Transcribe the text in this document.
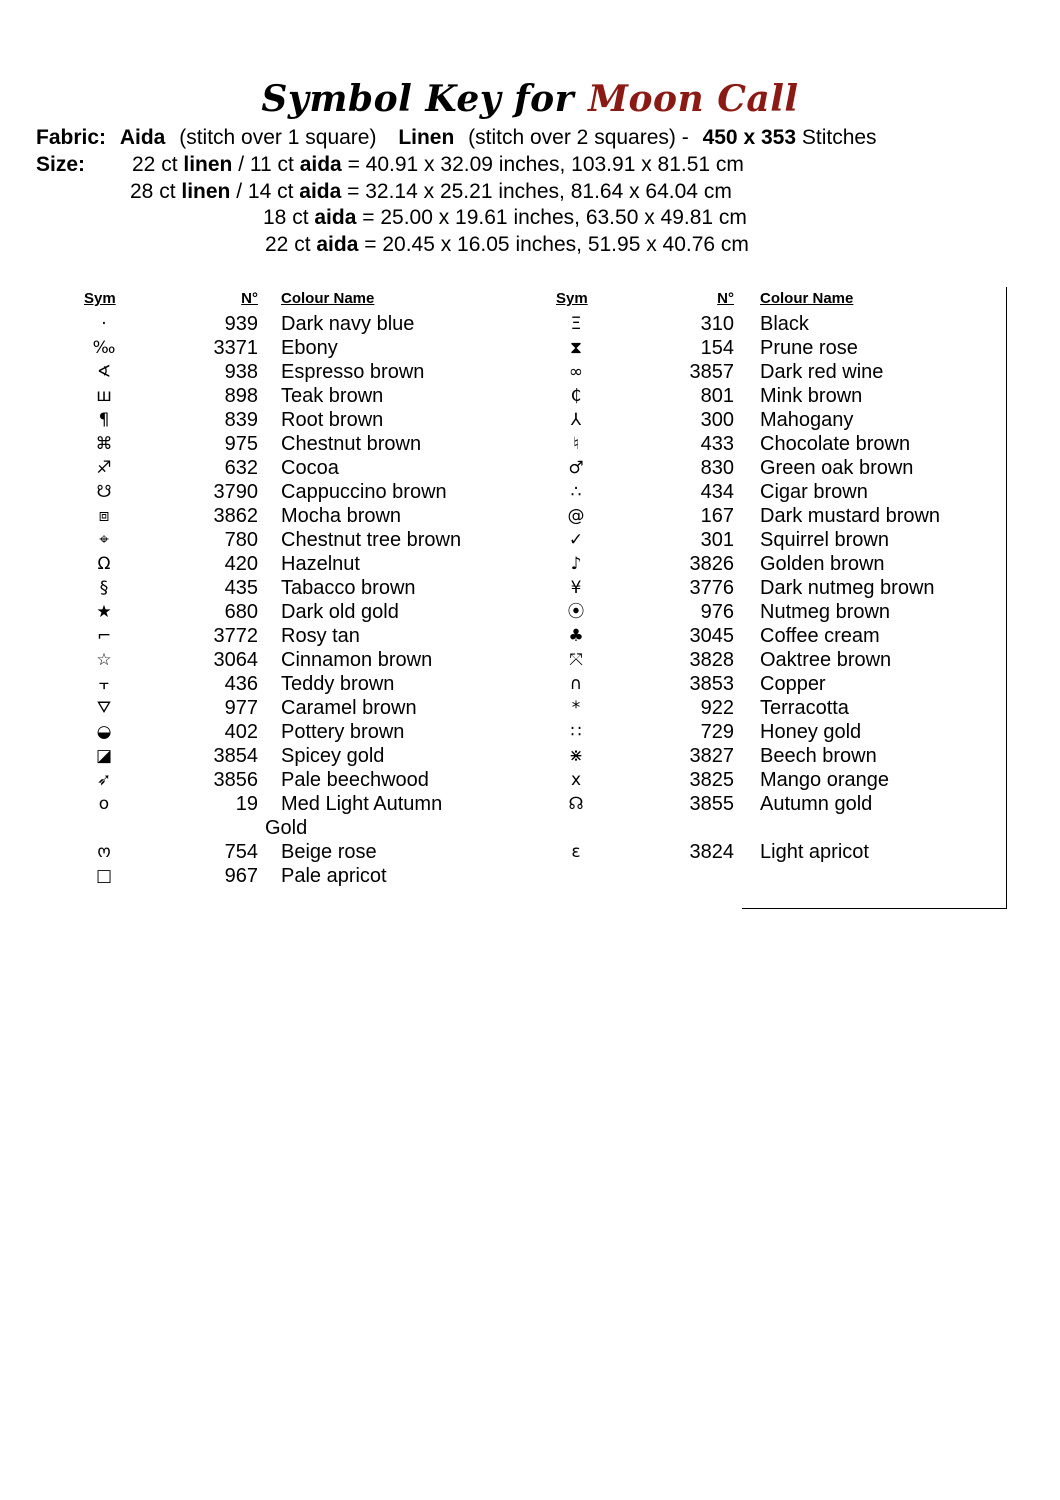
Symbol Key for Moon Call
Fabric: Aida (stitch over 1 square) Linen (stitch over 2 squares) - 450 x 353 Stitches
Size: 22 ct linen / 11 ct aida = 40.91 x 32.09 inches, 103.91 x 81.51 cm
28 ct linen / 14 ct aida = 32.14 x 25.21 inches, 81.64 x 64.04 cm
18 ct aida = 25.00 x 19.61 inches, 63.50 x 49.81 cm
22 ct aida = 20.45 x 16.05 inches, 51.95 x 40.76 cm
Sym	N° Colour Name
·	939 Dark navy blue
‰	3371 Ebony
∢	938 Espresso brown
ш	898 Teak brown
¶	839 Root brown
⌘	975 Chestnut brown
♐	632 Cocoa
☋	3790 Cappuccino brown
⧈	3862 Mocha brown
⌖	780 Chestnut tree brown
Ω	420 Hazelnut
§	435 Tabacco brown
★	680 Dark old gold
⌐	3772 Rosy tan
☆	3064 Cinnamon brown
⫟	436 Teddy brown
⛛	977 Caramel brown
◒	402 Pottery brown
◪	3854 Spicey gold
➶	3856 Pale beechwood
o	19 Med Light Autumn
Gold
ო	754 Beige rose
□	967 Pale apricot
Sym	N° Colour Name
Ξ	310 Black
⧗	154 Prune rose
∞	3857 Dark red wine
₵	801 Mink brown
⅄	300 Mahogany
♮	433 Chocolate brown
♂	830 Green oak brown
∴	434 Cigar brown
@	167 Dark mustard brown
✓	301 Squirrel brown
♪	3826 Golden brown
¥	3776 Dark nutmeg brown
⦿	976 Nutmeg brown
♣	3045 Coffee cream
⤧	3828 Oaktree brown
∩	3853 Copper
*	922 Terracotta
∷	729 Honey gold
⋇	3827 Beech brown
x	3825 Mango orange
☊	3855 Autumn gold
ε	3824 Light apricot
